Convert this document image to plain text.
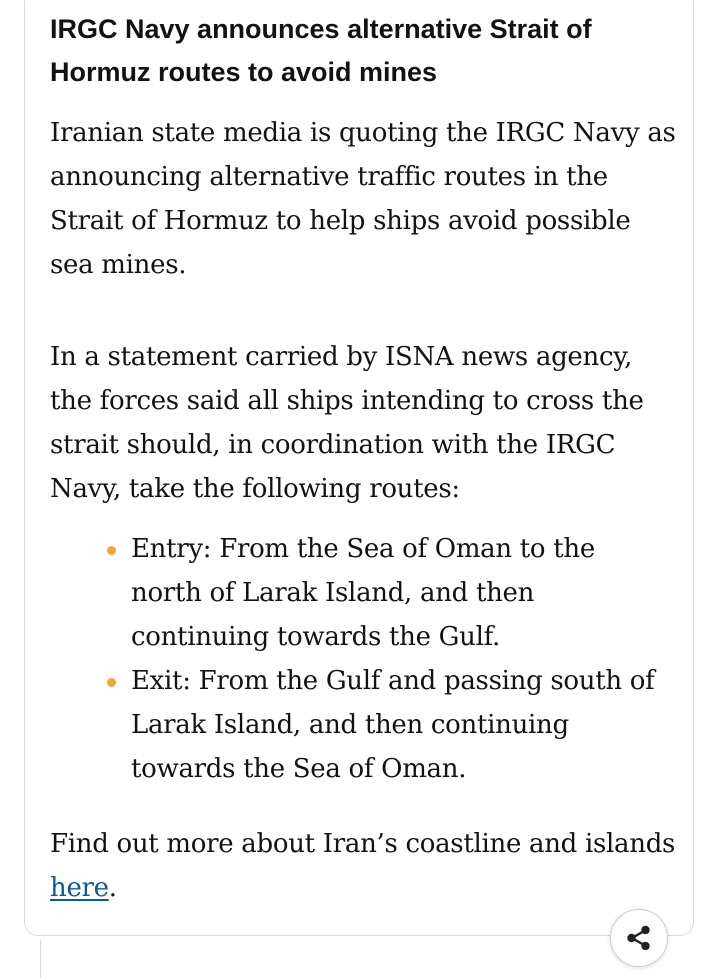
IRGC Navy announces alternative Strait of Hormuz routes to avoid mines

Iranian state media is quoting the IRGC Navy as announcing alternative traffic routes in the Strait of Hormuz to help ships avoid possible sea mines.

In a statement carried by ISNA news agency, the forces said all ships intending to cross the strait should, in coordination with the IRGC Navy, take the following routes:

Entry: From the Sea of Oman to the north of Larak Island, and then continuing towards the Gulf.
Exit: From the Gulf and passing south of Larak Island, and then continuing towards the Sea of Oman.

Find out more about Iran’s coastline and islands here.
